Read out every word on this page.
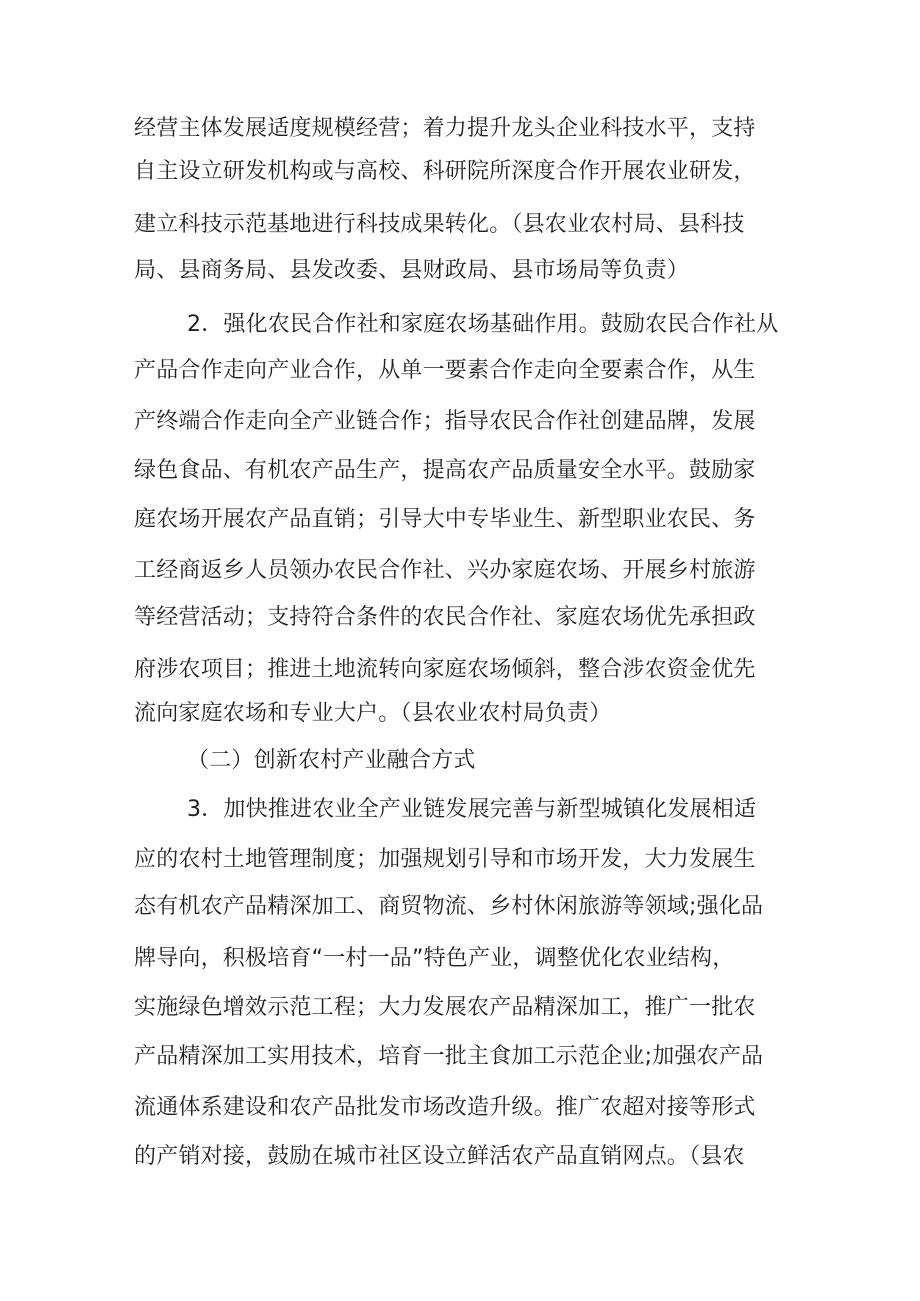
经营主体发展适度规模经营；着力提升龙头企业科技水平，支持
自主设立研发机构或与高校、科研院所深度合作开展农业研发，
建立科技示范基地进行科技成果转化。（县农业农村局、县科技
局、县商务局、县发改委、县财政局、县市场局等负责）
2．强化农民合作社和家庭农场基础作用。鼓励农民合作社从
产品合作走向产业合作，从单一要素合作走向全要素合作，从生
产终端合作走向全产业链合作；指导农民合作社创建品牌，发展
绿色食品、有机农产品生产，提高农产品质量安全水平。鼓励家
庭农场开展农产品直销；引导大中专毕业生、新型职业农民、务
工经商返乡人员领办农民合作社、兴办家庭农场、开展乡村旅游
等经营活动；支持符合条件的农民合作社、家庭农场优先承担政
府涉农项目；推进土地流转向家庭农场倾斜，整合涉农资金优先
流向家庭农场和专业大户。（县农业农村局负责）
（二）创新农村产业融合方式
3．加快推进农业全产业链发展完善与新型城镇化发展相适
应的农村土地管理制度；加强规划引导和市场开发，大力发展生
态有机农产品精深加工、商贸物流、乡村休闲旅游等领域;强化品
牌导向，积极培育“一村一品”特色产业，调整优化农业结构，
实施绿色增效示范工程；大力发展农产品精深加工，推广一批农
产品精深加工实用技术，培育一批主食加工示范企业;加强农产品
流通体系建设和农产品批发市场改造升级。推广农超对接等形式
的产销对接，鼓励在城市社区设立鲜活农产品直销网点。（县农
